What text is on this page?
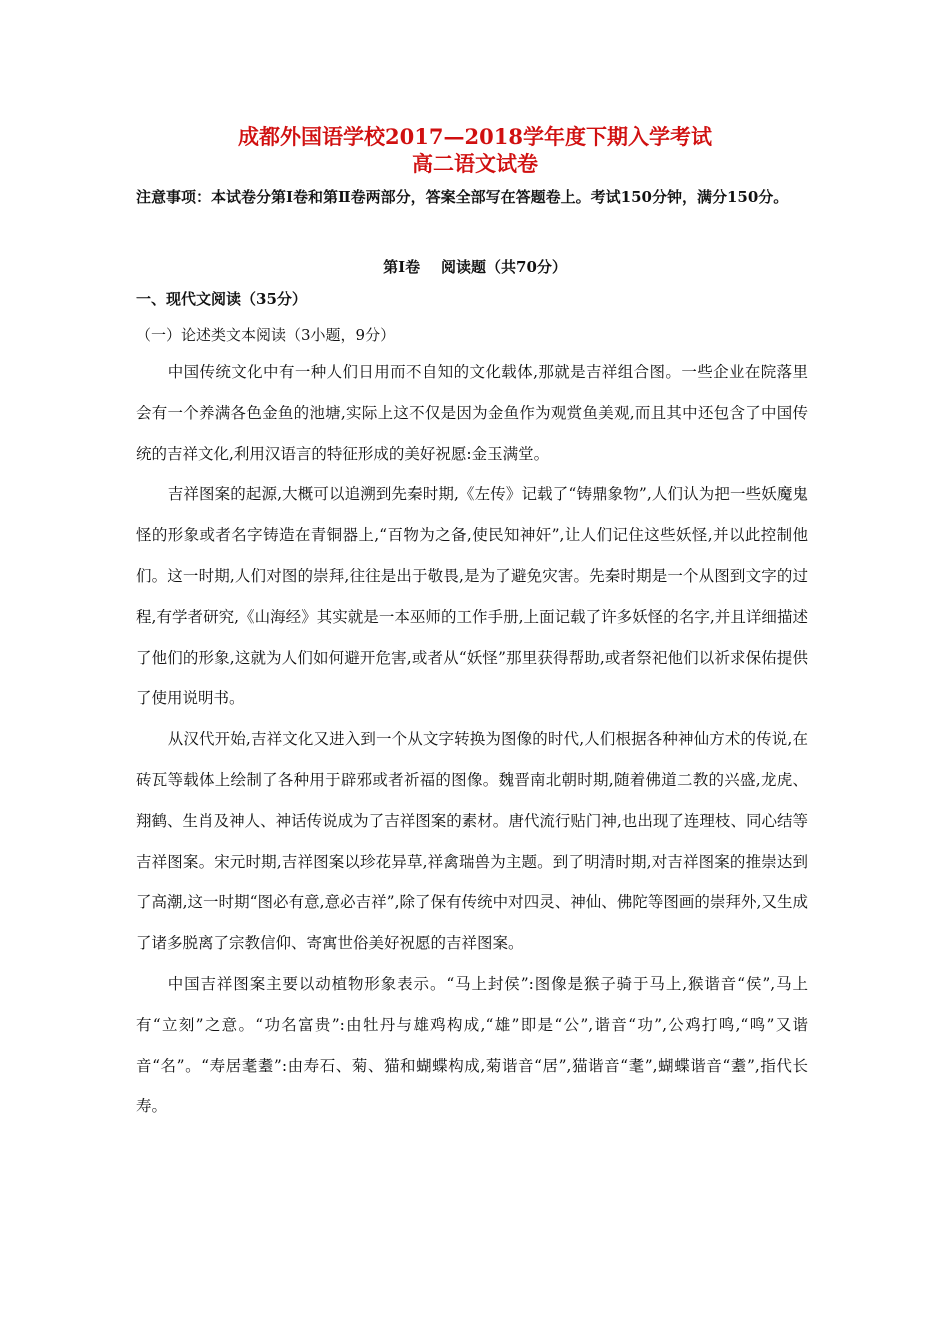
成都外国语学校2017—2018学年度下期入学考试
高二语文试卷
注意事项：本试卷分第Ⅰ卷和第Ⅱ卷两部分，答案全部写在答题卷上。考试150分钟，满分150分。
第Ⅰ卷    阅读题（共70分）
一、现代文阅读（35分）
（一）论述类文本阅读（3小题，9分）

中国传统文化中有一种人们日用而不自知的文化载体,那就是吉祥组合图。一些企业在院落里会有一个养满各色金鱼的池塘,实际上这不仅是因为金鱼作为观赏鱼美观,而且其中还包含了中国传统的吉祥文化,利用汉语言的特征形成的美好祝愿:金玉满堂。

吉祥图案的起源,大概可以追溯到先秦时期,《左传》记载了“铸鼎象物”,人们认为把一些妖魔鬼怪的形象或者名字铸造在青铜器上,“百物为之备,使民知神奸”,让人们记住这些妖怪,并以此控制他们。这一时期,人们对图的崇拜,往往是出于敬畏,是为了避免灾害。先秦时期是一个从图到文字的过程,有学者研究,《山海经》其实就是一本巫师的工作手册,上面记载了许多妖怪的名字,并且详细描述了他们的形象,这就为人们如何避开危害,或者从“妖怪”那里获得帮助,或者祭祀他们以祈求保佑提供了使用说明书。

从汉代开始,吉祥文化又进入到一个从文字转换为图像的时代,人们根据各种神仙方术的传说,在砖瓦等载体上绘制了各种用于辟邪或者祈福的图像。魏晋南北朝时期,随着佛道二教的兴盛,龙虎、翔鹤、生肖及神人、神话传说成为了吉祥图案的素材。唐代流行贴门神,也出现了连理枝、同心结等吉祥图案。宋元时期,吉祥图案以珍花异草,祥禽瑞兽为主题。到了明清时期,对吉祥图案的推崇达到了高潮,这一时期“图必有意,意必吉祥”,除了保有传统中对四灵、神仙、佛陀等图画的崇拜外,又生成了诸多脱离了宗教信仰、寄寓世俗美好祝愿的吉祥图案。

中国吉祥图案主要以动植物形象表示。“马上封侯”:图像是猴子骑于马上,猴谐音“侯”,马上有“立刻”之意。“功名富贵”:由牡丹与雄鸡构成,“雄”即是“公”,谐音“功”,公鸡打鸣,“鸣”又谐音“名”。“寿居耄耋”:由寿石、菊、猫和蝴蝶构成,菊谐音“居”,猫谐音“耄”,蝴蝶谐音“耋”,指代长寿。
